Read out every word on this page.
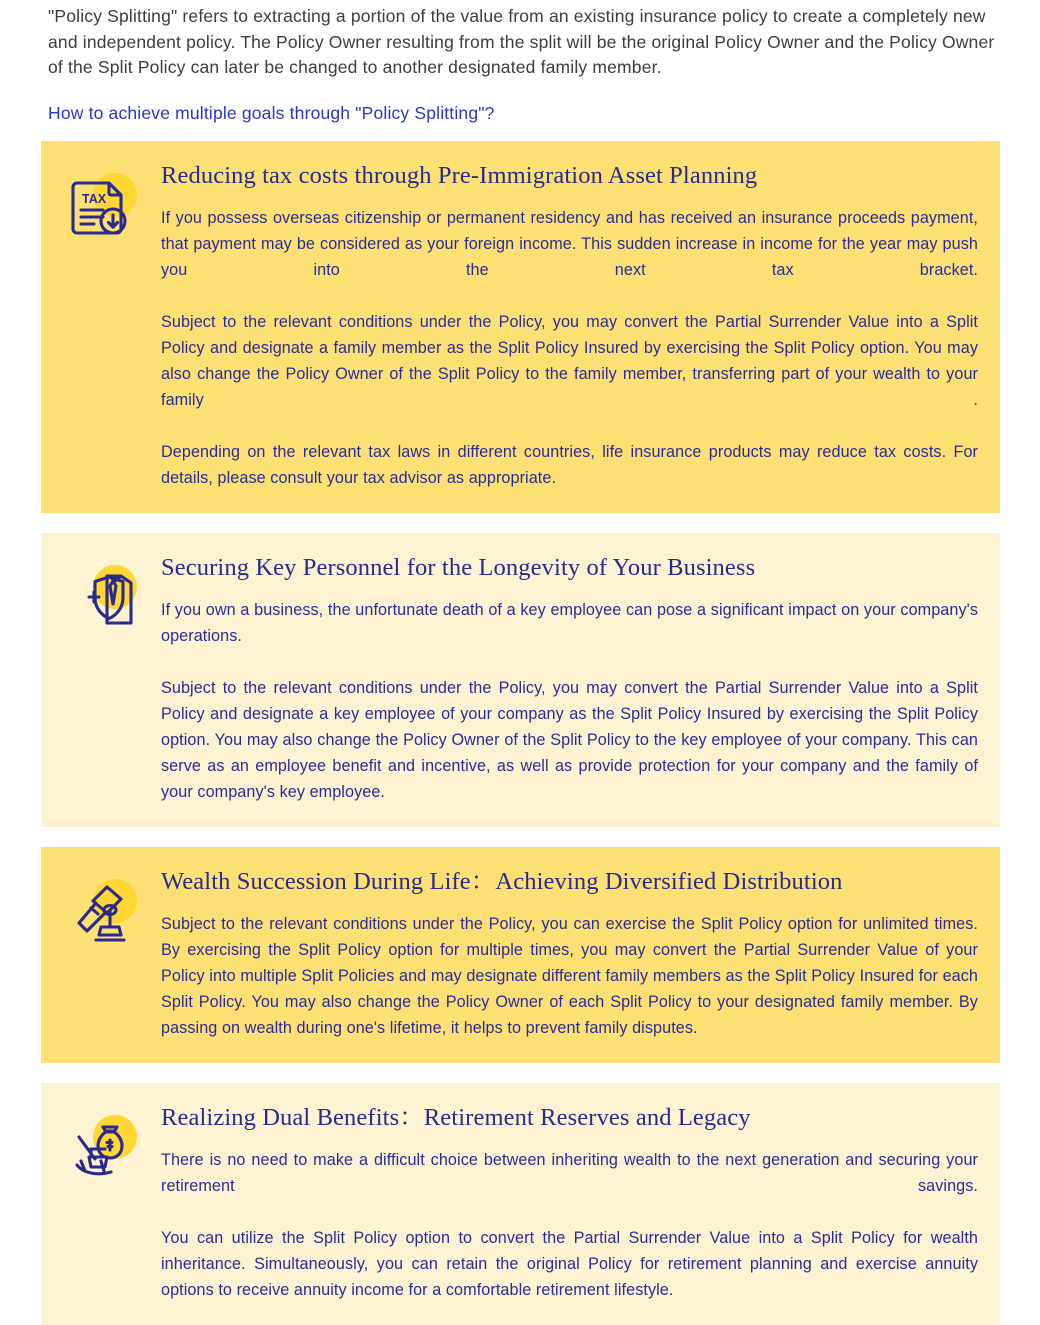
"Policy Splitting" refers to extracting a portion of the value from an existing insurance policy to create a completely new and independent policy. The Policy Owner resulting from the split will be the original Policy Owner and the Policy Owner of the Split Policy can later be changed to another designated family member.

How to achieve multiple goals through "Policy Splitting"?

TAX
Reducing tax costs through Pre-Immigration Asset Planning

If you possess overseas citizenship or permanent residency and has received an insurance proceeds payment, that payment may be considered as your foreign income. This sudden increase in income for the year may push you into the next tax bracket.

Subject to the relevant conditions under the Policy, you may convert the Partial Surrender Value into a Split Policy and designate a family member as the Split Policy Insured by exercising the Split Policy option. You may also change the Policy Owner of the Split Policy to the family member, transferring part of your wealth to your family .

Depending on the relevant tax laws in different countries, life insurance products may reduce tax costs. For details, please consult your tax advisor as appropriate.

Securing Key Personnel for the Longevity of Your Business

If you own a business, the unfortunate death of a key employee can pose a significant impact on your company's operations.

Subject to the relevant conditions under the Policy, you may convert the Partial Surrender Value into a Split Policy and designate a key employee of your company as the Split Policy Insured by exercising the Split Policy option. You may also change the Policy Owner of the Split Policy to the key employee of your company. This can serve as an employee benefit and incentive, as well as provide protection for your company and the family of your company's key employee.

Wealth Succession During Life：Achieving Diversified Distribution

Subject to the relevant conditions under the Policy, you can exercise the Split Policy option for unlimited times. By exercising the Split Policy option for multiple times, you may convert the Partial Surrender Value of your Policy into multiple Split Policies and may designate different family members as the Split Policy Insured for each Split Policy. You may also change the Policy Owner of each Split Policy to your designated family member. By passing on wealth during one's lifetime, it helps to prevent family disputes.

Realizing Dual Benefits：Retirement Reserves and Legacy

There is no need to make a difficult choice between inheriting wealth to the next generation and securing your retirement savings.

You can utilize the Split Policy option to convert the Partial Surrender Value into a Split Policy for wealth inheritance. Simultaneously, you can retain the original Policy for retirement planning and exercise annuity options to receive annuity income for a comfortable retirement lifestyle.
